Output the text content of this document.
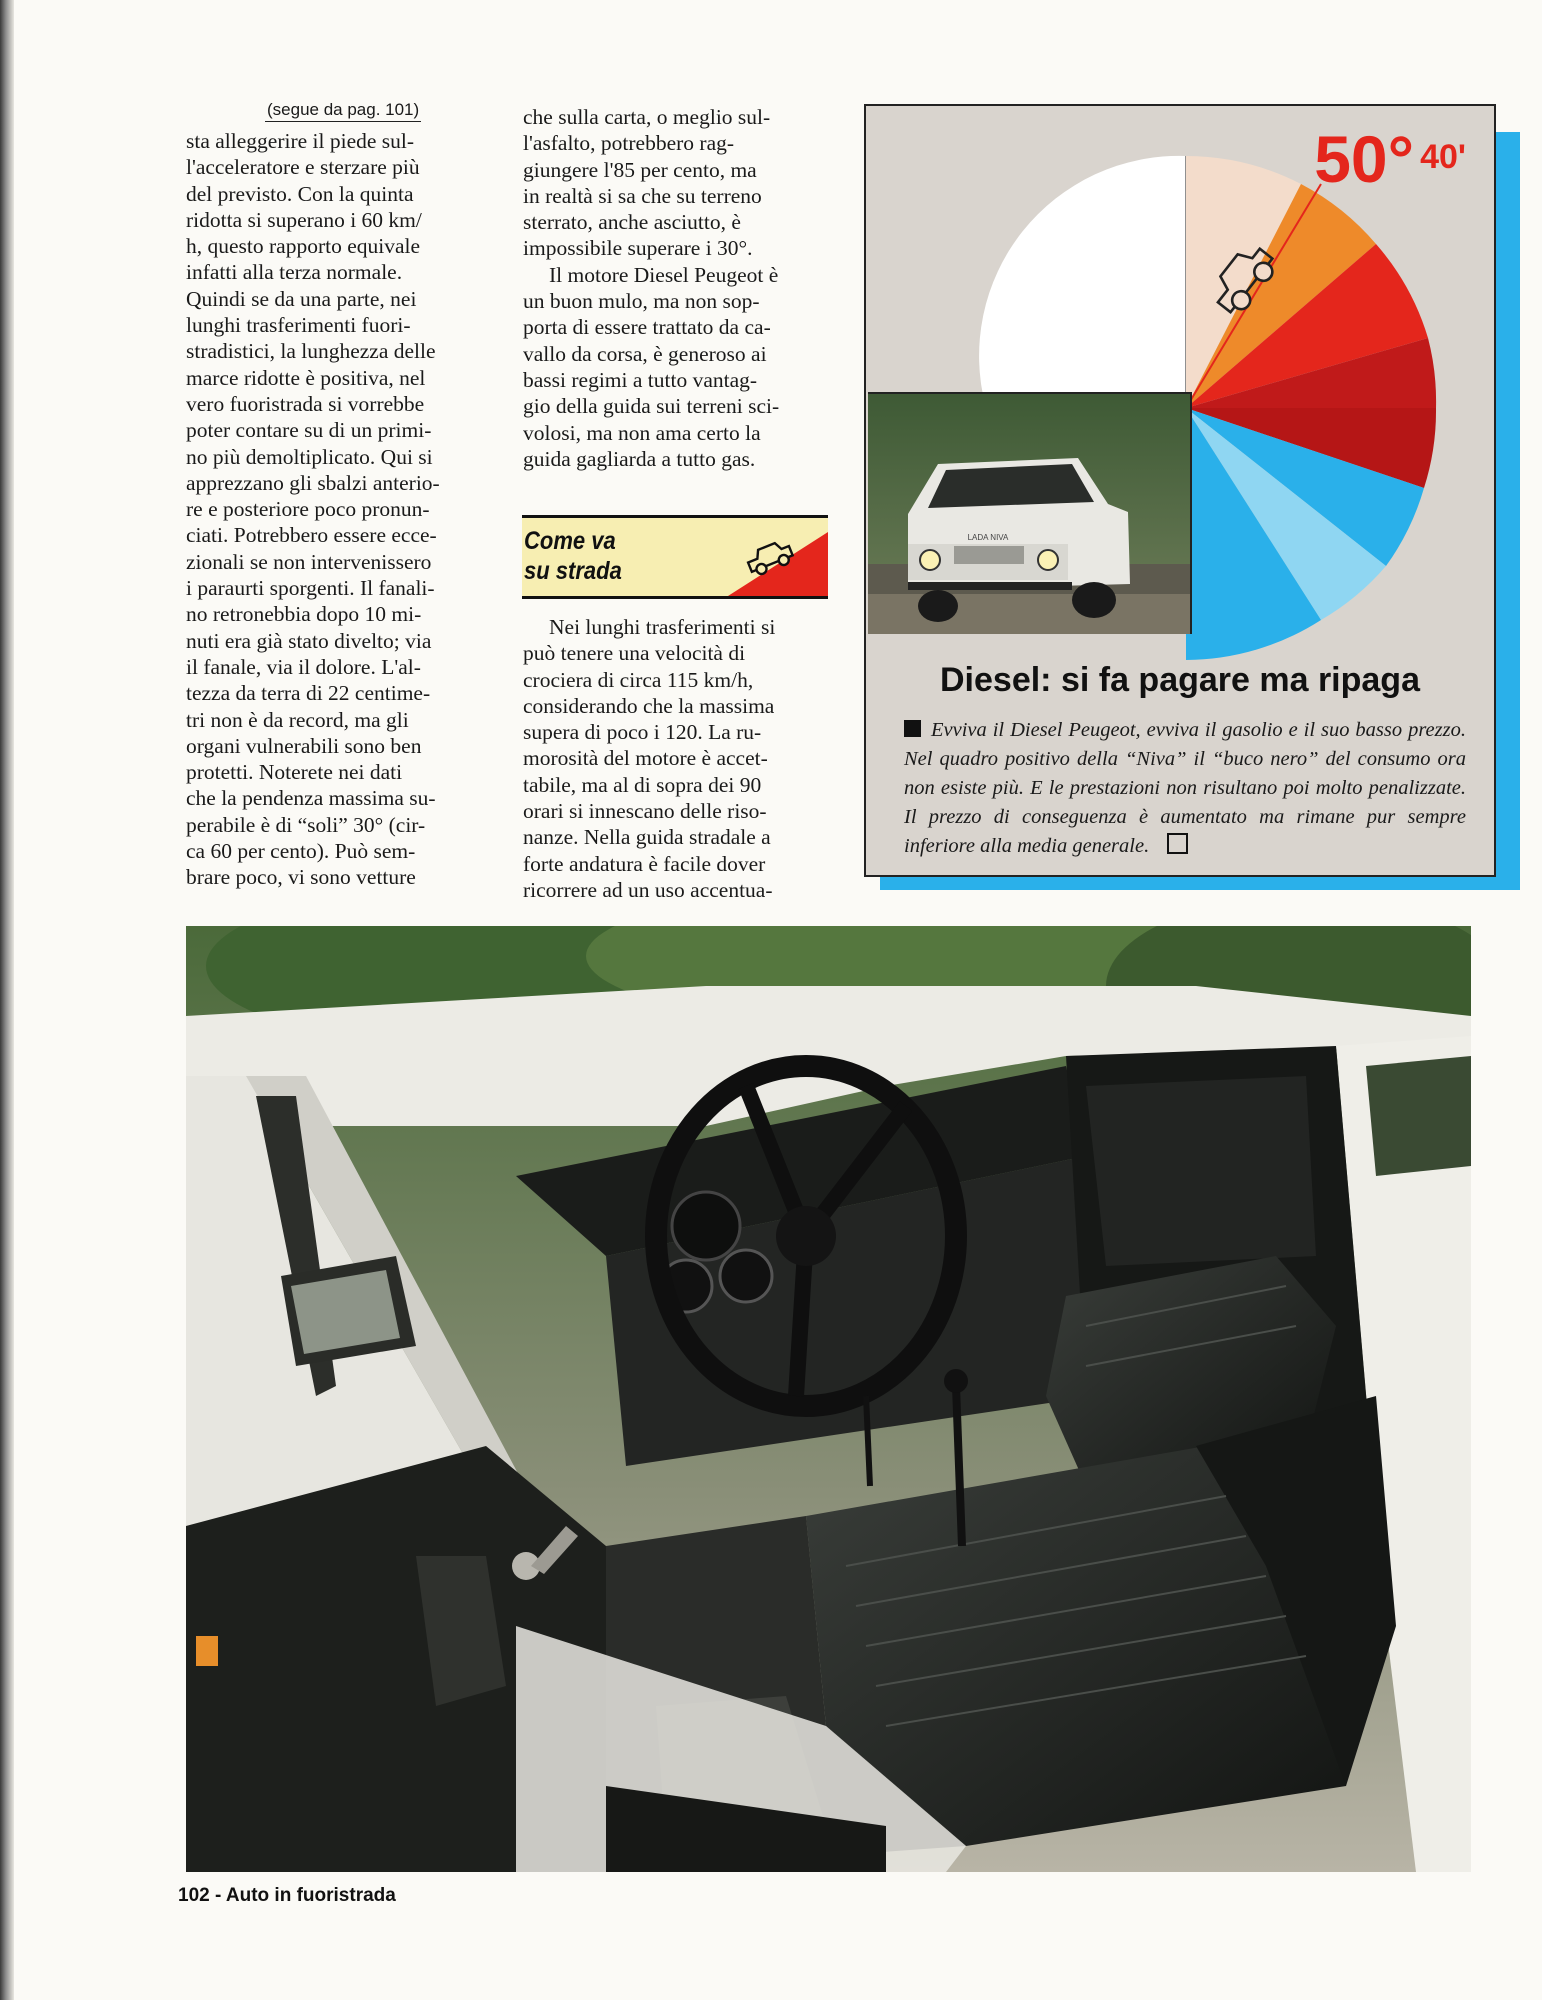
(segue da pag. 101)

sta alleggerire il piede sul-

l'acceleratore e sterzare più

del previsto. Con la quinta

ridotta si superano i 60 km/

h, questo rapporto equivale

infatti alla terza normale.

Quindi se da una parte, nei

lunghi trasferimenti fuori-

stradistici, la lunghezza delle

marce ridotte è positiva, nel

vero fuoristrada si vorrebbe

poter contare su di un primi-

no più demoltiplicato. Qui si

apprezzano gli sbalzi anterio-

re e posteriore poco pronun-

ciati. Potrebbero essere ecce-

zionali se non intervenissero

i paraurti sporgenti. Il fanali-

no retronebbia dopo 10 mi-

nuti era già stato divelto; via

il fanale, via il dolore. L'al-

tezza da terra di 22 centime-

tri non è da record, ma gli

organi vulnerabili sono ben

protetti. Noterete nei dati

che la pendenza massima su-

perabile è di “soli” 30° (cir-

ca 60 per cento). Può sem-

brare poco, vi sono vetture

che sulla carta, o meglio sul-

l'asfalto, potrebbero rag-

giungere l'85 per cento, ma

in realtà si sa che su terreno

sterrato, anche asciutto, è

impossibile superare i 30°.

Il motore Diesel Peugeot è

un buon mulo, ma non sop-

porta di essere trattato da ca-

vallo da corsa, è generoso ai

bassi regimi a tutto vantag-

gio della guida sui terreni sci-

volosi, ma non ama certo la

guida gagliarda a tutto gas.

Come va
su strada

Nei lunghi trasferimenti si

può tenere una velocità di

crociera di circa 115 km/h,

considerando che la massima

supera di poco i 120. La ru-

morosità del motore è accet-

tabile, ma al di sopra dei 90

orari si innescano delle riso-

nanze. Nella guida stradale a

forte andatura è facile dover

ricorrere ad un uso accentua-

50° 40'
LADA NIVA
Diesel: si fa pagare ma ripaga
Evviva il Diesel Peugeot, evviva il gasolio e il suo basso prezzo. Nel quadro positivo della “Niva” il “buco nero” del consumo ora non esiste più. E le prestazioni non risultano poi molto penalizzate. Il prezzo di conseguenza è aumentato ma rimane pur sempre inferiore alla media generale.
102 - Auto in fuoristrada
